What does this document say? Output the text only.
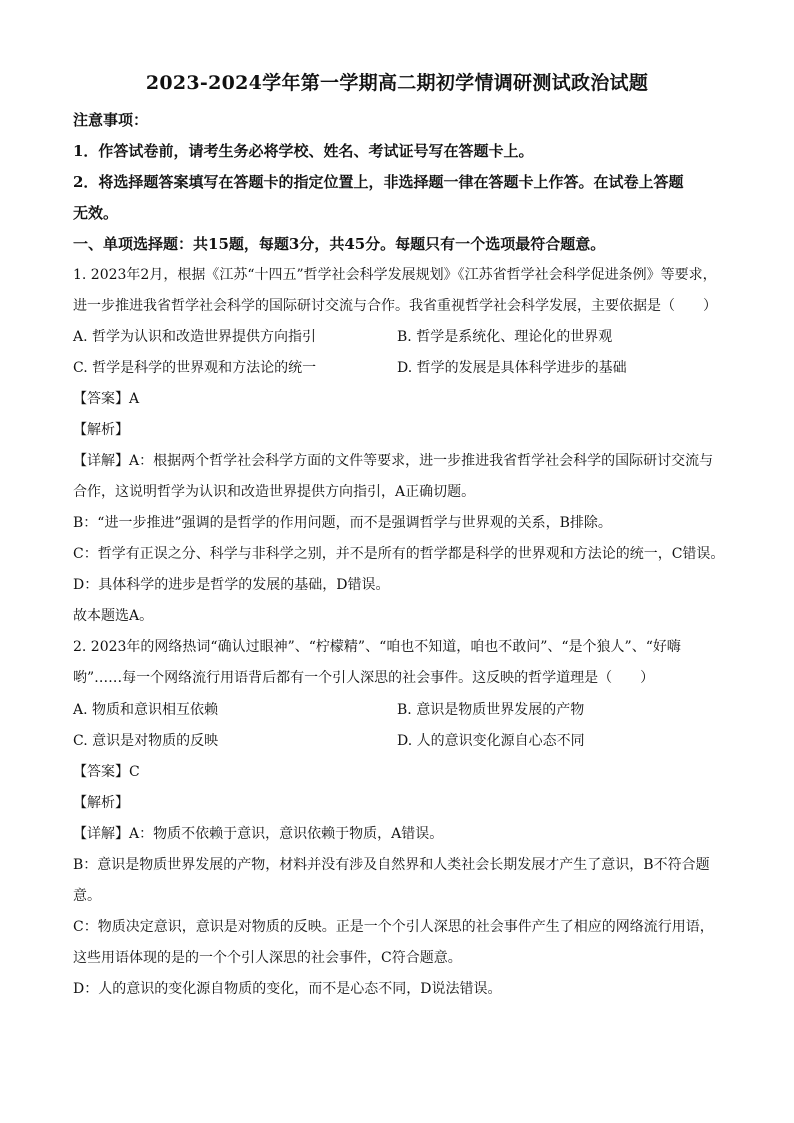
2023-2024学年第一学期高二期初学情调研测试政治试题
注意事项：
1．作答试卷前，请考生务必将学校、姓名、考试证号写在答题卡上。
2．将选择题答案填写在答题卡的指定位置上，非选择题一律在答题卡上作答。在试卷上答题
无效。
一、单项选择题：共15题，每题3分，共45分。每题只有一个选项最符合题意。
1. 2023年2月，根据《江苏“十四五”哲学社会科学发展规划》《江苏省哲学社会科学促进条例》等要求，
进一步推进我省哲学社会科学的国际研讨交流与合作。我省重视哲学社会科学发展，主要依据是（　　）
A. 哲学为认识和改造世界提供方向指引	B. 哲学是系统化、理论化的世界观
C. 哲学是科学的世界观和方法论的统一	D. 哲学的发展是具体科学进步的基础
【答案】A
【解析】
【详解】A：根据两个哲学社会科学方面的文件等要求，进一步推进我省哲学社会科学的国际研讨交流与
合作，这说明哲学为认识和改造世界提供方向指引，A正确切题。
B：“进一步推进”强调的是哲学的作用问题，而不是强调哲学与世界观的关系，B排除。
C：哲学有正误之分、科学与非科学之别，并不是所有的哲学都是科学的世界观和方法论的统一，C错误。
D：具体科学的进步是哲学的发展的基础，D错误。
故本题选A。
2. 2023年的网络热词“确认过眼神”、“柠檬精”、“咱也不知道，咱也不敢问”、“是个狼人”、“好嗨
哟”……每一个网络流行用语背后都有一个引人深思的社会事件。这反映的哲学道理是（　　）
A. 物质和意识相互依赖	B. 意识是物质世界发展的产物
C. 意识是对物质的反映	D. 人的意识变化源自心态不同
【答案】C
【解析】
【详解】A：物质不依赖于意识，意识依赖于物质，A错误。
B：意识是物质世界发展的产物，材料并没有涉及自然界和人类社会长期发展才产生了意识，B不符合题
意。
C：物质决定意识，意识是对物质的反映。正是一个个引人深思的社会事件产生了相应的网络流行用语，
这些用语体现的是的一个个引人深思的社会事件，C符合题意。
D：人的意识的变化源自物质的变化，而不是心态不同，D说法错误。
